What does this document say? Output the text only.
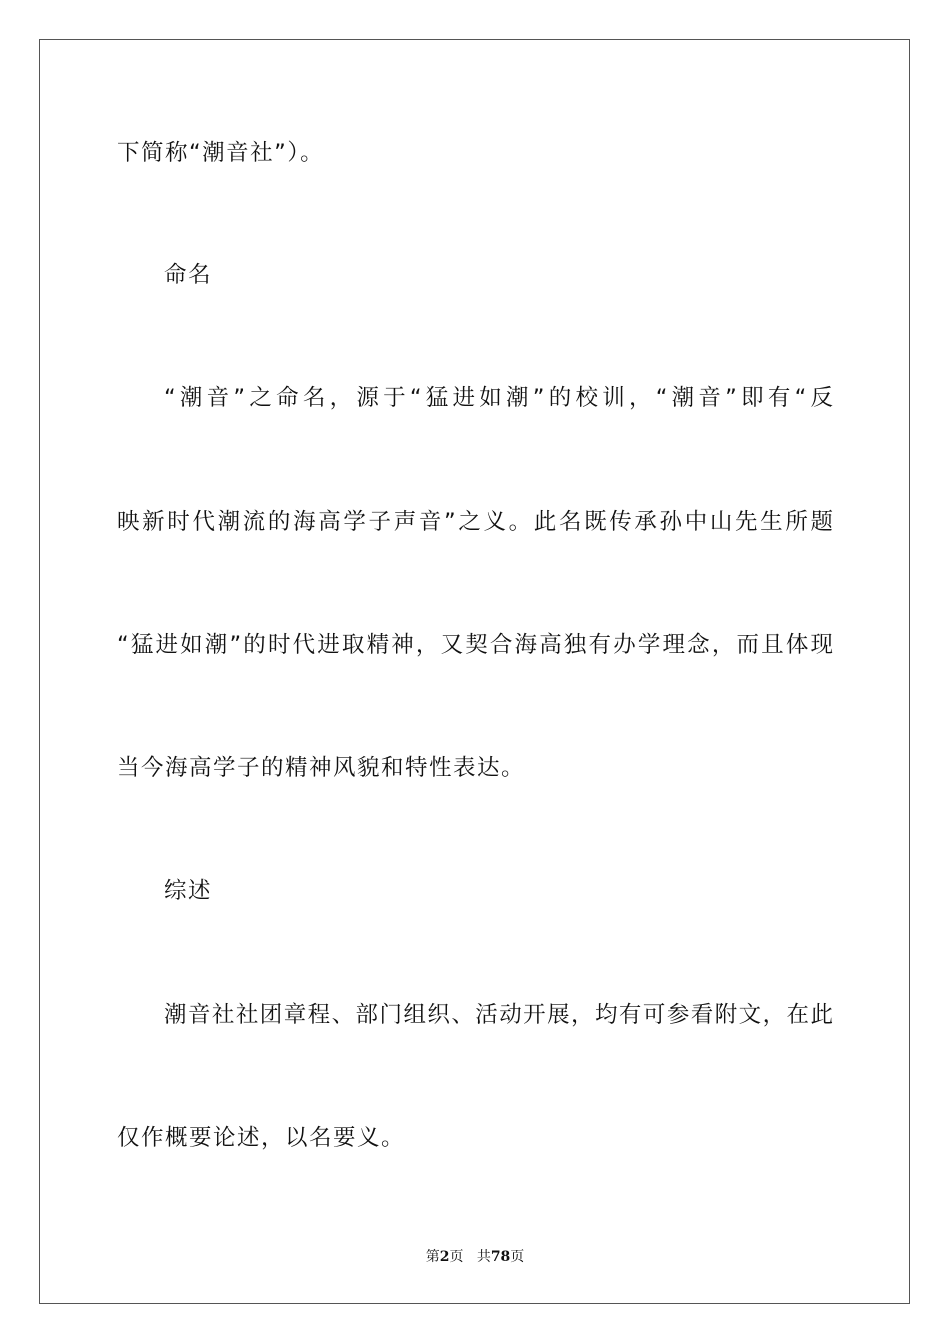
下简称“潮音社”）。
命名
“潮音”之命名，源于“猛进如潮”的校训，“潮音”即有“反
映新时代潮流的海高学子声音”之义。此名既传承孙中山先生所题
“猛进如潮”的时代进取精神，又契合海高独有办学理念，而且体现
当今海高学子的精神风貌和特性表达。
综述
潮音社社团章程、部门组织、活动开展，均有可参看附文，在此
仅作概要论述，以名要义。
第2页 共78页
